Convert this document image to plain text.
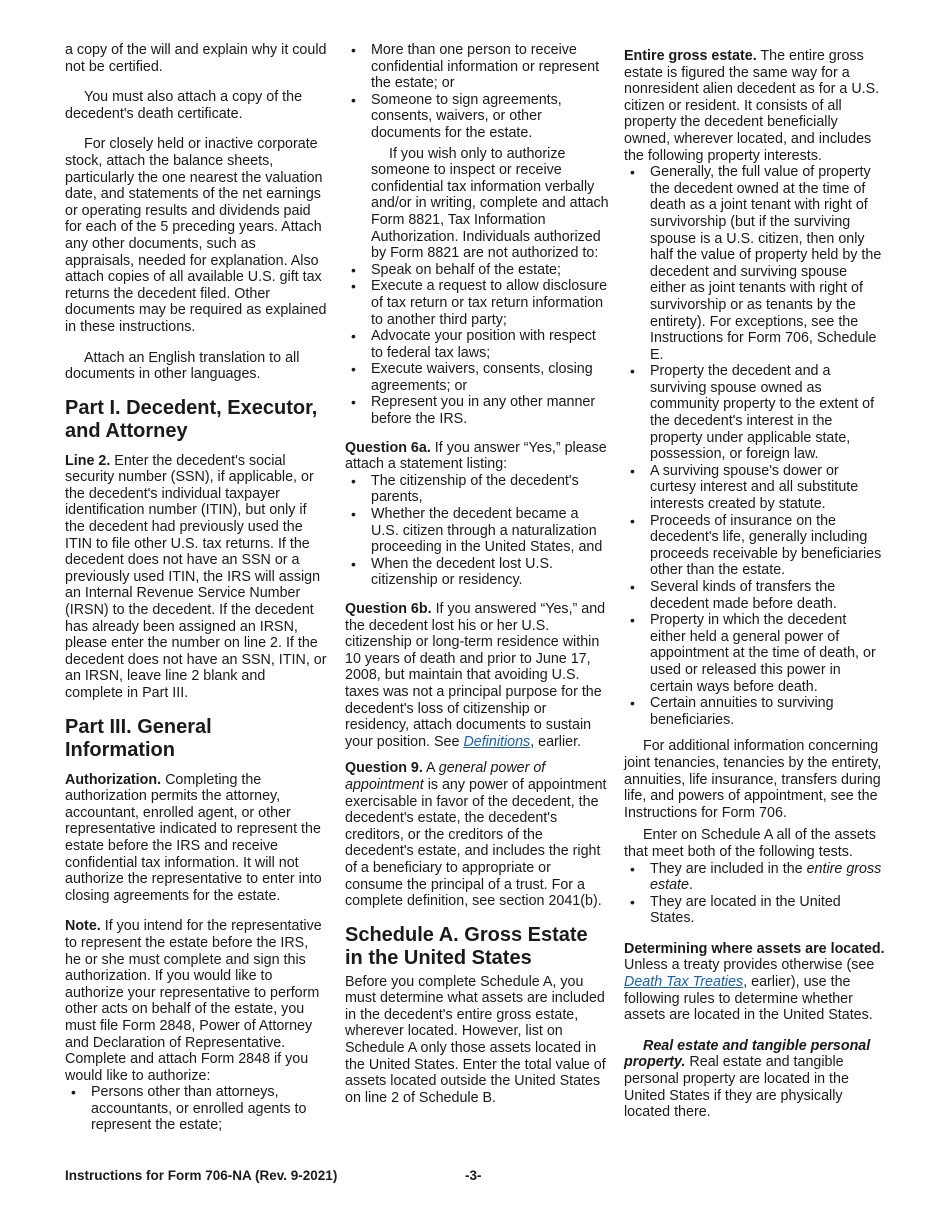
a copy of the will and explain why it could not be certified.

You must also attach a copy of the decedent's death certificate.

For closely held or inactive corporate stock, attach the balance sheets, particularly the one nearest the valuation date, and statements of the net earnings or operating results and dividends paid for each of the 5 preceding years. Attach any other documents, such as appraisals, needed for explanation. Also attach copies of all available U.S. gift tax returns the decedent filed. Other documents may be required as explained in these instructions.

Attach an English translation to all documents in other languages.

Part I. Decedent, Executor, and Attorney

Line 2. Enter the decedent's social security number (SSN), if applicable, or the decedent's individual taxpayer identification number (ITIN), but only if the decedent had previously used the ITIN to file other U.S. tax returns. If the decedent does not have an SSN or a previously used ITIN, the IRS will assign an Internal Revenue Service Number (IRSN) to the decedent. If the decedent has already been assigned an IRSN, please enter the number on line 2. If the decedent does not have an SSN, ITIN, or an IRSN, leave line 2 blank and complete in Part III.

Part III. General Information

Authorization. Completing the authorization permits the attorney, accountant, enrolled agent, or other representative indicated to represent the estate before the IRS and receive confidential tax information. It will not authorize the representative to enter into closing agreements for the estate.

Note. If you intend for the representative to represent the estate before the IRS, he or she must complete and sign this authorization. If you would like to authorize your representative to perform other acts on behalf of the estate, you must file Form 2848, Power of Attorney and Declaration of Representative. Complete and attach Form 2848 if you would like to authorize:

• Persons other than attorneys, accountants, or enrolled agents to represent the estate;
• More than one person to receive confidential information or represent the estate; or
• Someone to sign agreements, consents, waivers, or other documents for the estate.

If you wish only to authorize someone to inspect or receive confidential tax information verbally and/or in writing, complete and attach Form 8821, Tax Information Authorization. Individuals authorized by Form 8821 are not authorized to:

• Speak on behalf of the estate;
• Execute a request to allow disclosure of tax return or tax return information to another third party;
• Advocate your position with respect to federal tax laws;
• Execute waivers, consents, closing agreements; or
• Represent you in any other manner before the IRS.

Question 6a. If you answer “Yes,” please attach a statement listing:

• The citizenship of the decedent's parents,
• Whether the decedent became a U.S. citizen through a naturalization proceeding in the United States, and
• When the decedent lost U.S. citizenship or residency.

Question 6b. If you answered “Yes,” and the decedent lost his or her U.S. citizenship or long-term residence within 10 years of death and prior to June 17, 2008, but maintain that avoiding U.S. taxes was not a principal purpose for the decedent's loss of citizenship or residency, attach documents to sustain your position. See Definitions, earlier.

Question 9. A general power of appointment is any power of appointment exercisable in favor of the decedent, the decedent's estate, the decedent's creditors, or the creditors of the decedent's estate, and includes the right of a beneficiary to appropriate or consume the principal of a trust. For a complete definition, see section 2041(b).

Schedule A. Gross Estate in the United States

Before you complete Schedule A, you must determine what assets are included in the decedent's entire gross estate, wherever located. However, list on Schedule A only those assets located in the United States. Enter the total value of assets located outside the United States on line 2 of Schedule B.

Entire gross estate. The entire gross estate is figured the same way for a nonresident alien decedent as for a U.S. citizen or resident. It consists of all property the decedent beneficially owned, wherever located, and includes the following property interests.

• Generally, the full value of property the decedent owned at the time of death as a joint tenant with right of survivorship (but if the surviving spouse is a U.S. citizen, then only half the value of property held by the decedent and surviving spouse either as joint tenants with right of survivorship or as tenants by the entirety). For exceptions, see the Instructions for Form 706, Schedule E.
• Property the decedent and a surviving spouse owned as community property to the extent of the decedent's interest in the property under applicable state, possession, or foreign law.
• A surviving spouse's dower or curtesy interest and all substitute interests created by statute.
• Proceeds of insurance on the decedent's life, generally including proceeds receivable by beneficiaries other than the estate.
• Several kinds of transfers the decedent made before death.
• Property in which the decedent either held a general power of appointment at the time of death, or used or released this power in certain ways before death.
• Certain annuities to surviving beneficiaries.

For additional information concerning joint tenancies, tenancies by the entirety, annuities, life insurance, transfers during life, and powers of appointment, see the Instructions for Form 706.

Enter on Schedule A all of the assets that meet both of the following tests.

• They are included in the entire gross estate.
• They are located in the United States.

Determining where assets are located. Unless a treaty provides otherwise (see Death Tax Treaties, earlier), use the following rules to determine whether assets are located in the United States.

Real estate and tangible personal property. Real estate and tangible personal property are located in the United States if they are physically located there.

Instructions for Form 706-NA (Rev. 9-2021)	-3-
